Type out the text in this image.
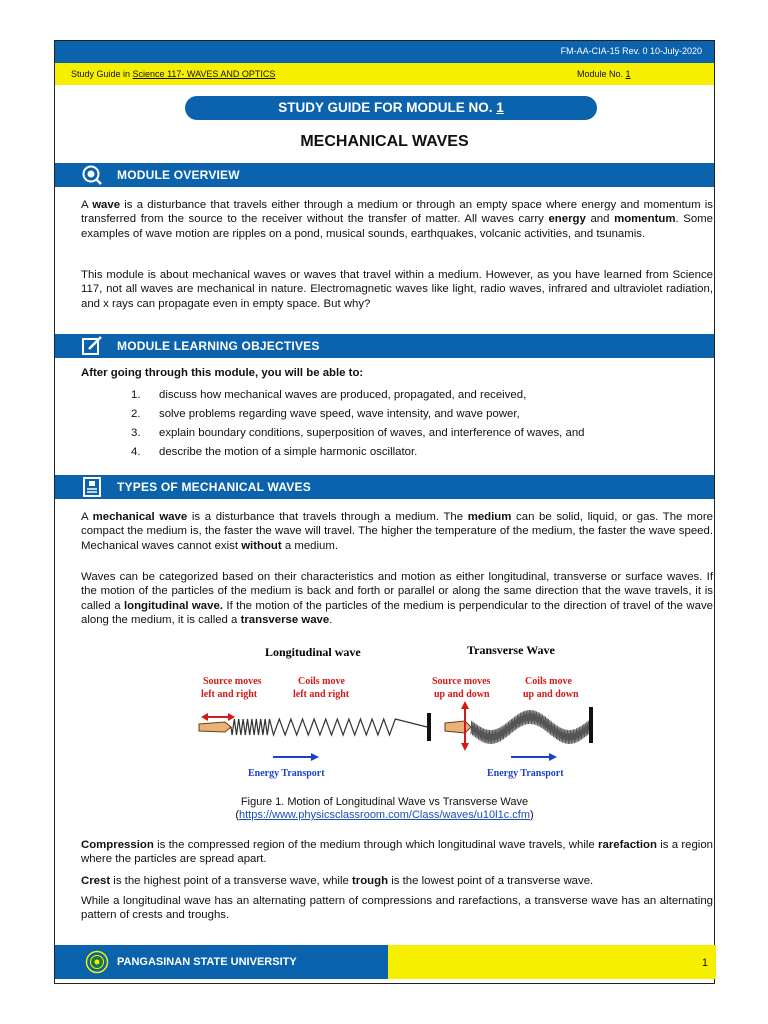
FM-AA-CIA-15 Rev. 0 10-July-2020
Study Guide in Science 117- WAVES AND OPTICS	Module No. 1
STUDY GUIDE FOR MODULE NO. 1
MECHANICAL WAVES
MODULE OVERVIEW
A wave is a disturbance that travels either through a medium or through an empty space where energy and momentum is transferred from the source to the receiver without the transfer of matter. All waves carry energy and momentum. Some examples of wave motion are ripples on a pond, musical sounds, earthquakes, volcanic activities, and tsunamis.
This module is about mechanical waves or waves that travel within a medium. However, as you have learned from Science 117, not all waves are mechanical in nature. Electromagnetic waves like light, radio waves, infrared and ultraviolet radiation, and x rays can propagate even in empty space. But why?
MODULE LEARNING OBJECTIVES
After going through this module, you will be able to:
1. discuss how mechanical waves are produced, propagated, and received,
2. solve problems regarding wave speed, wave intensity, and wave power,
3. explain boundary conditions, superposition of waves, and interference of waves, and
4. describe the motion of a simple harmonic oscillator.
TYPES OF MECHANICAL WAVES
A mechanical wave is a disturbance that travels through a medium. The medium can be solid, liquid, or gas. The more compact the medium is, the faster the wave will travel. The higher the temperature of the medium, the faster the wave speed. Mechanical waves cannot exist without a medium.
Waves can be categorized based on their characteristics and motion as either longitudinal, transverse or surface waves. If the motion of the particles of the medium is back and forth or parallel or along the same direction that the wave travels, it is called a longitudinal wave. If the motion of the particles of the medium is perpendicular to the direction of travel of the wave along the medium, it is called a transverse wave.
Longitudinal wave	Transverse Wave
Source moves
left and right
Coils move
left and right
Source moves
up and down
Coils move
up and down
Energy Transport	Energy Transport
Figure 1. Motion of Longitudinal Wave vs Transverse Wave
(https://www.physicsclassroom.com/Class/waves/u10l1c.cfm)
Compression is the compressed region of the medium through which longitudinal wave travels, while rarefaction is a region where the particles are spread apart.
Crest is the highest point of a transverse wave, while trough is the lowest point of a transverse wave.
While a longitudinal wave has an alternating pattern of compressions and rarefactions, a transverse wave has an alternating pattern of crests and troughs.
PANGASINAN STATE UNIVERSITY	1
